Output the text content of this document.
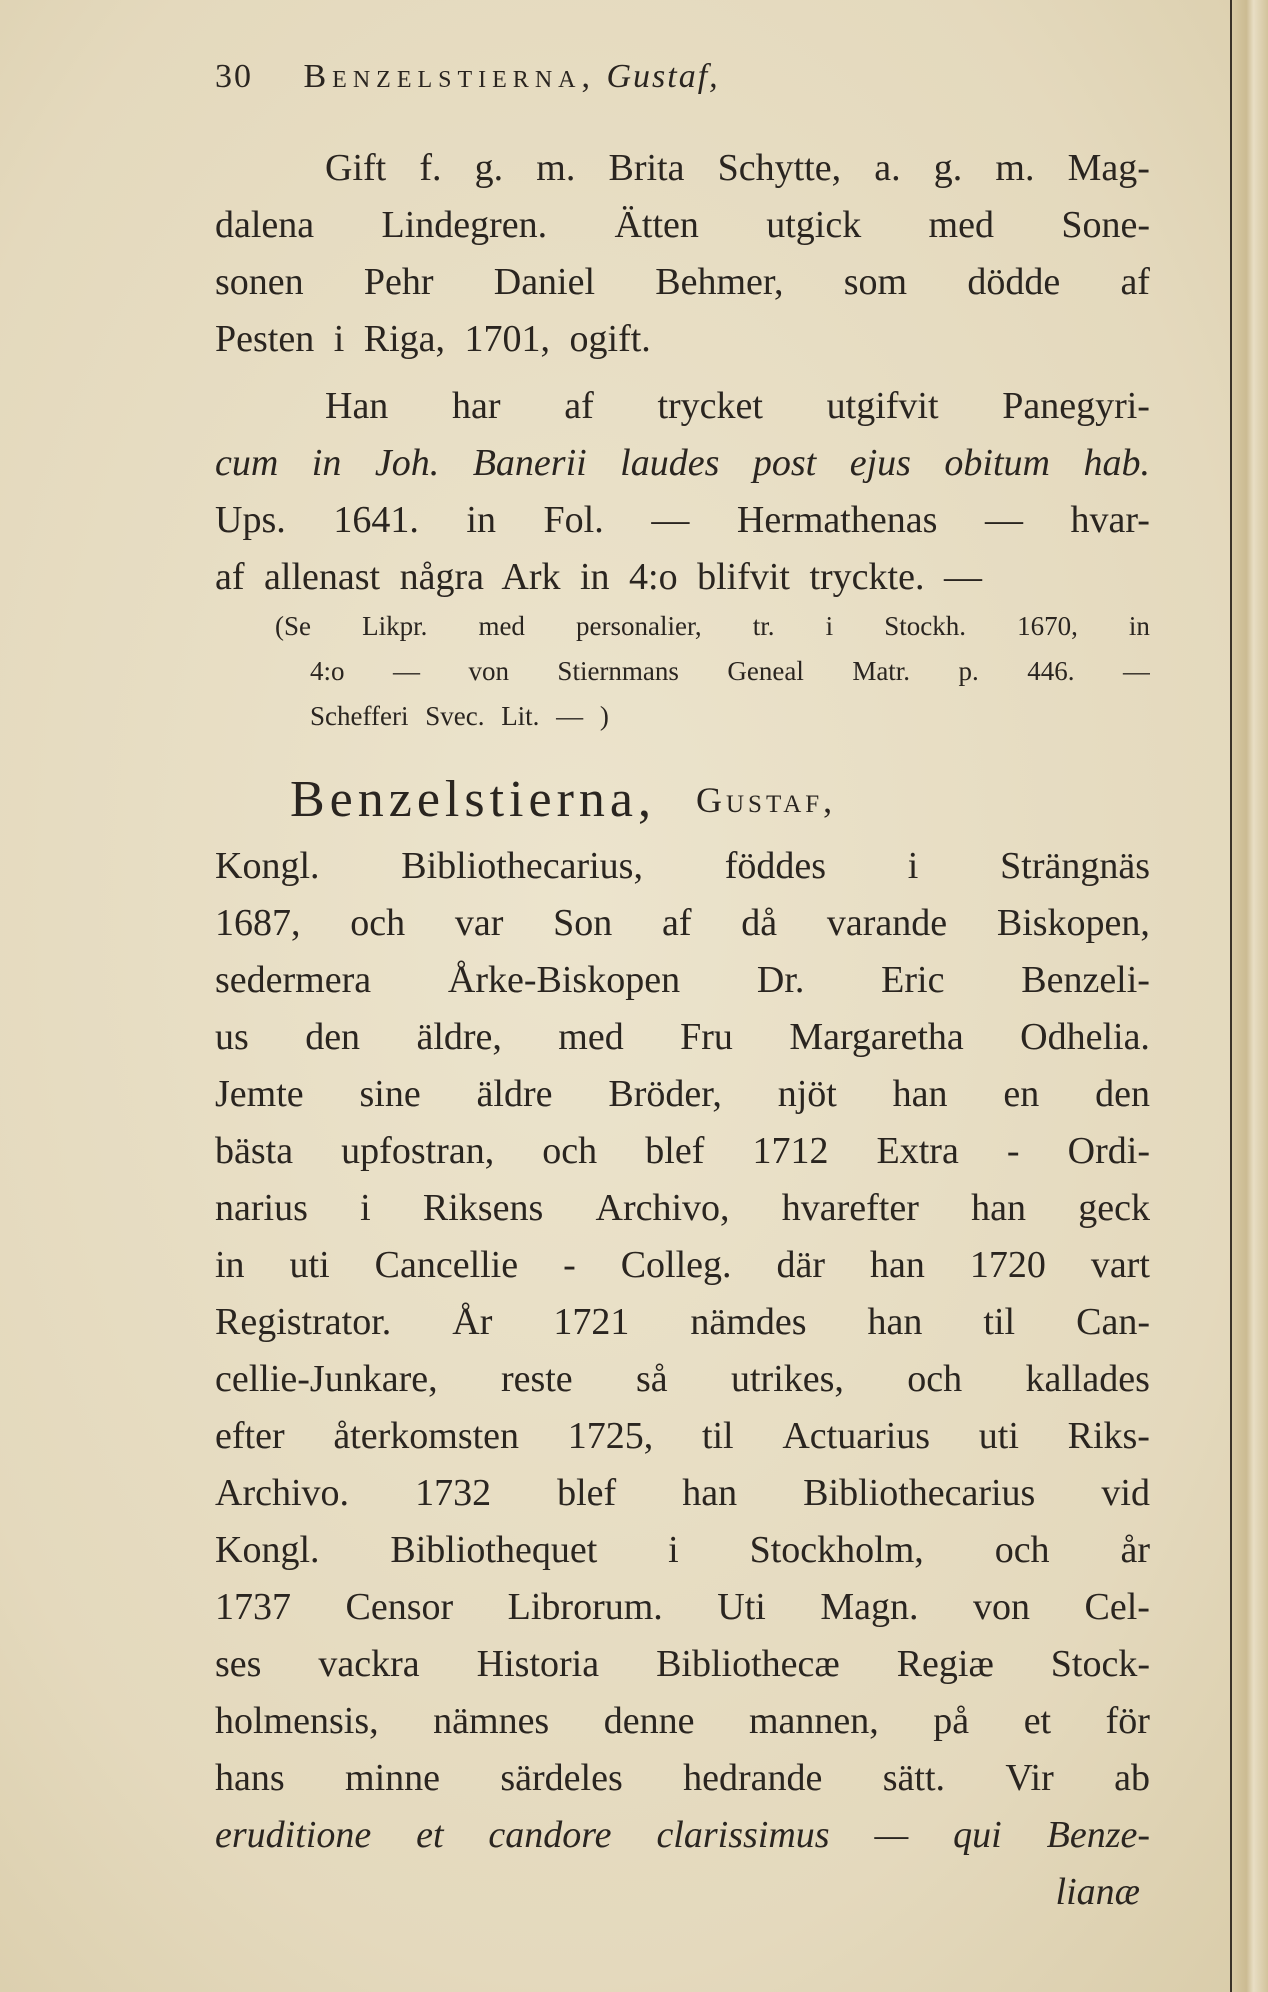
30 Benzelstierna, Gustaf,
Gift f. g. m. Brita Schytte, a. g. m. Mag-
dalena Lindegren. Ätten utgick med Sone-
sonen Pehr Daniel Behmer, som dödde af
Pesten i Riga, 1701, ogift.
Han har af trycket utgifvit Panegyri-
cum in Joh. Banerii laudes post ejus obitum hab.
Ups. 1641. in Fol. — Hermathenas — hvar-
af allenast några Ark in 4:o blifvit tryckte. —
(Se Likpr. med personalier, tr. i Stockh. 1670, in
4:o — von Stiernmans Geneal Matr. p. 446. —
Schefferi Svec. Lit. — )
Benzelstierna, Gustaf,
Kongl. Bibliothecarius, föddes i Strängnäs
1687, och var Son af då varande Biskopen,
sedermera Årke-Biskopen Dr. Eric Benzeli-
us den äldre, med Fru Margaretha Odhelia.
Jemte sine äldre Bröder, njöt han en den
bästa upfostran, och blef 1712 Extra - Ordi-
narius i Riksens Archivo, hvarefter han geck
in uti Cancellie - Colleg. där han 1720 vart
Registrator. År 1721 nämdes han til Can-
cellie-Junkare, reste så utrikes, och kallades
efter återkomsten 1725, til Actuarius uti Riks-
Archivo. 1732 blef han Bibliothecarius vid
Kongl. Bibliothequet i Stockholm, och år
1737 Censor Librorum. Uti Magn. von Cel-
ses vackra Historia Bibliothecæ Regiæ Stock-
holmensis, nämnes denne mannen, på et för
hans minne särdeles hedrande sätt. Vir ab
eruditione et candore clarissimus — qui Benze-
lianæ
